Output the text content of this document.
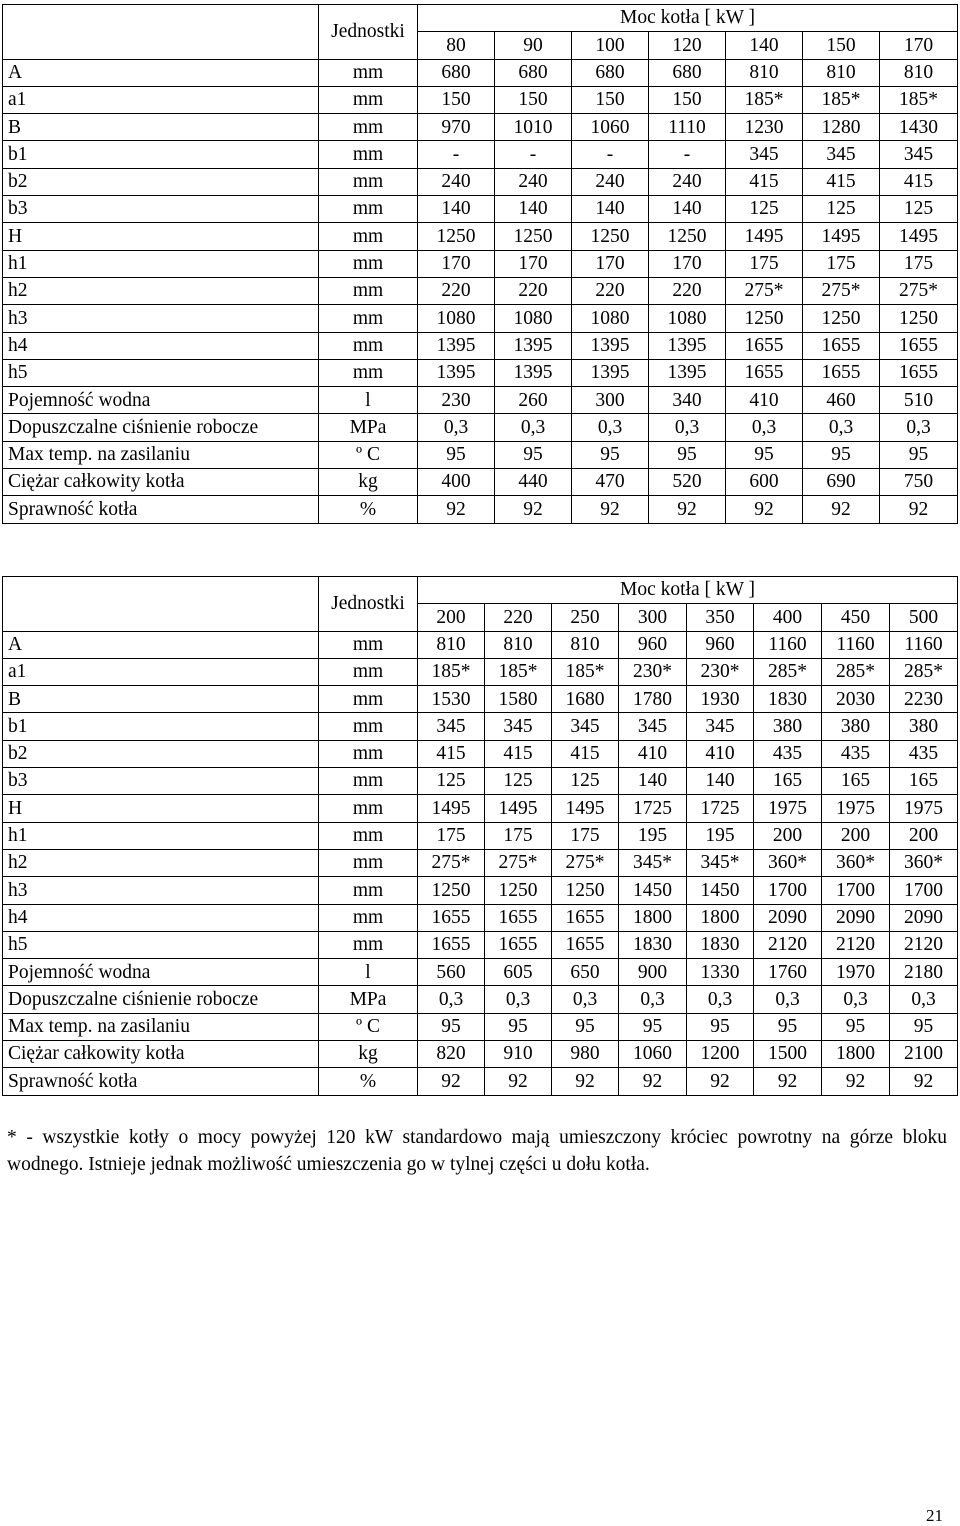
	Jednostki	Moc kotła [ kW ]						
		80	90	100	120	140	150	170
A	mm	680	680	680	680	810	810	810
a1	mm	150	150	150	150	185*	185*	185*
B	mm	970	1010	1060	1110	1230	1280	1430
b1	mm	-	-	-	-	345	345	345
b2	mm	240	240	240	240	415	415	415
b3	mm	140	140	140	140	125	125	125
H	mm	1250	1250	1250	1250	1495	1495	1495
h1	mm	170	170	170	170	175	175	175
h2	mm	220	220	220	220	275*	275*	275*
h3	mm	1080	1080	1080	1080	1250	1250	1250
h4	mm	1395	1395	1395	1395	1655	1655	1655
h5	mm	1395	1395	1395	1395	1655	1655	1655
Pojemność wodna	l	230	260	300	340	410	460	510
Dopuszczalne ciśnienie robocze	MPa	0,3	0,3	0,3	0,3	0,3	0,3	0,3
Max temp. na zasilaniu	º C	95	95	95	95	95	95	95
Ciężar całkowity kotła	kg	400	440	470	520	600	690	750
Sprawność kotła	%	92	92	92	92	92	92	92
	Jednostki	Moc kotła [ kW ]							
		200	220	250	300	350	400	450	500
A	mm	810	810	810	960	960	1160	1160	1160
a1	mm	185*	185*	185*	230*	230*	285*	285*	285*
B	mm	1530	1580	1680	1780	1930	1830	2030	2230
b1	mm	345	345	345	345	345	380	380	380
b2	mm	415	415	415	410	410	435	435	435
b3	mm	125	125	125	140	140	165	165	165
H	mm	1495	1495	1495	1725	1725	1975	1975	1975
h1	mm	175	175	175	195	195	200	200	200
h2	mm	275*	275*	275*	345*	345*	360*	360*	360*
h3	mm	1250	1250	1250	1450	1450	1700	1700	1700
h4	mm	1655	1655	1655	1800	1800	2090	2090	2090
h5	mm	1655	1655	1655	1830	1830	2120	2120	2120
Pojemność wodna	l	560	605	650	900	1330	1760	1970	2180
Dopuszczalne ciśnienie robocze	MPa	0,3	0,3	0,3	0,3	0,3	0,3	0,3	0,3
Max temp. na zasilaniu	º C	95	95	95	95	95	95	95	95
Ciężar całkowity kotła	kg	820	910	980	1060	1200	1500	1800	2100
Sprawność kotła	%	92	92	92	92	92	92	92	92
* - wszystkie kotły o mocy powyżej 120 kW standardowo mają umieszczony króciec powrotny na górze bloku wodnego. Istnieje jednak możliwość umieszczenia go w tylnej części u dołu kotła.
21
